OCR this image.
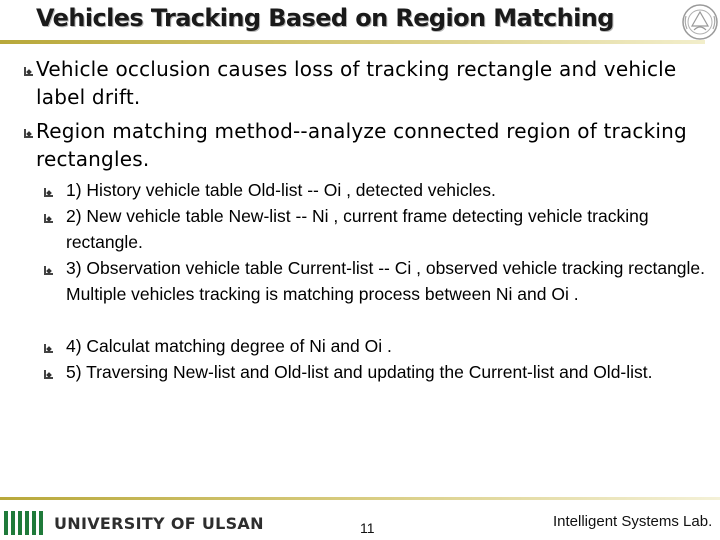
Vehicles Tracking Based on Region Matching
Vehicle occlusion causes loss of tracking rectangle and vehicle label drift.
Region matching method--analyze connected region of tracking rectangles.
1) History vehicle table Old-list -- Oi , detected vehicles.
2) New vehicle table New-list -- Ni , current frame detecting vehicle tracking rectangle.
3) Observation vehicle table Current-list -- Ci , observed vehicle tracking rectangle. Multiple vehicles tracking is matching process between Ni and Oi .
4) Calculat matching degree of Ni and Oi .
5) Traversing New-list and Old-list and updating the Current-list and Old-list.
UNIVERSITY OF ULSAN	11	Intelligent Systems Lab.
